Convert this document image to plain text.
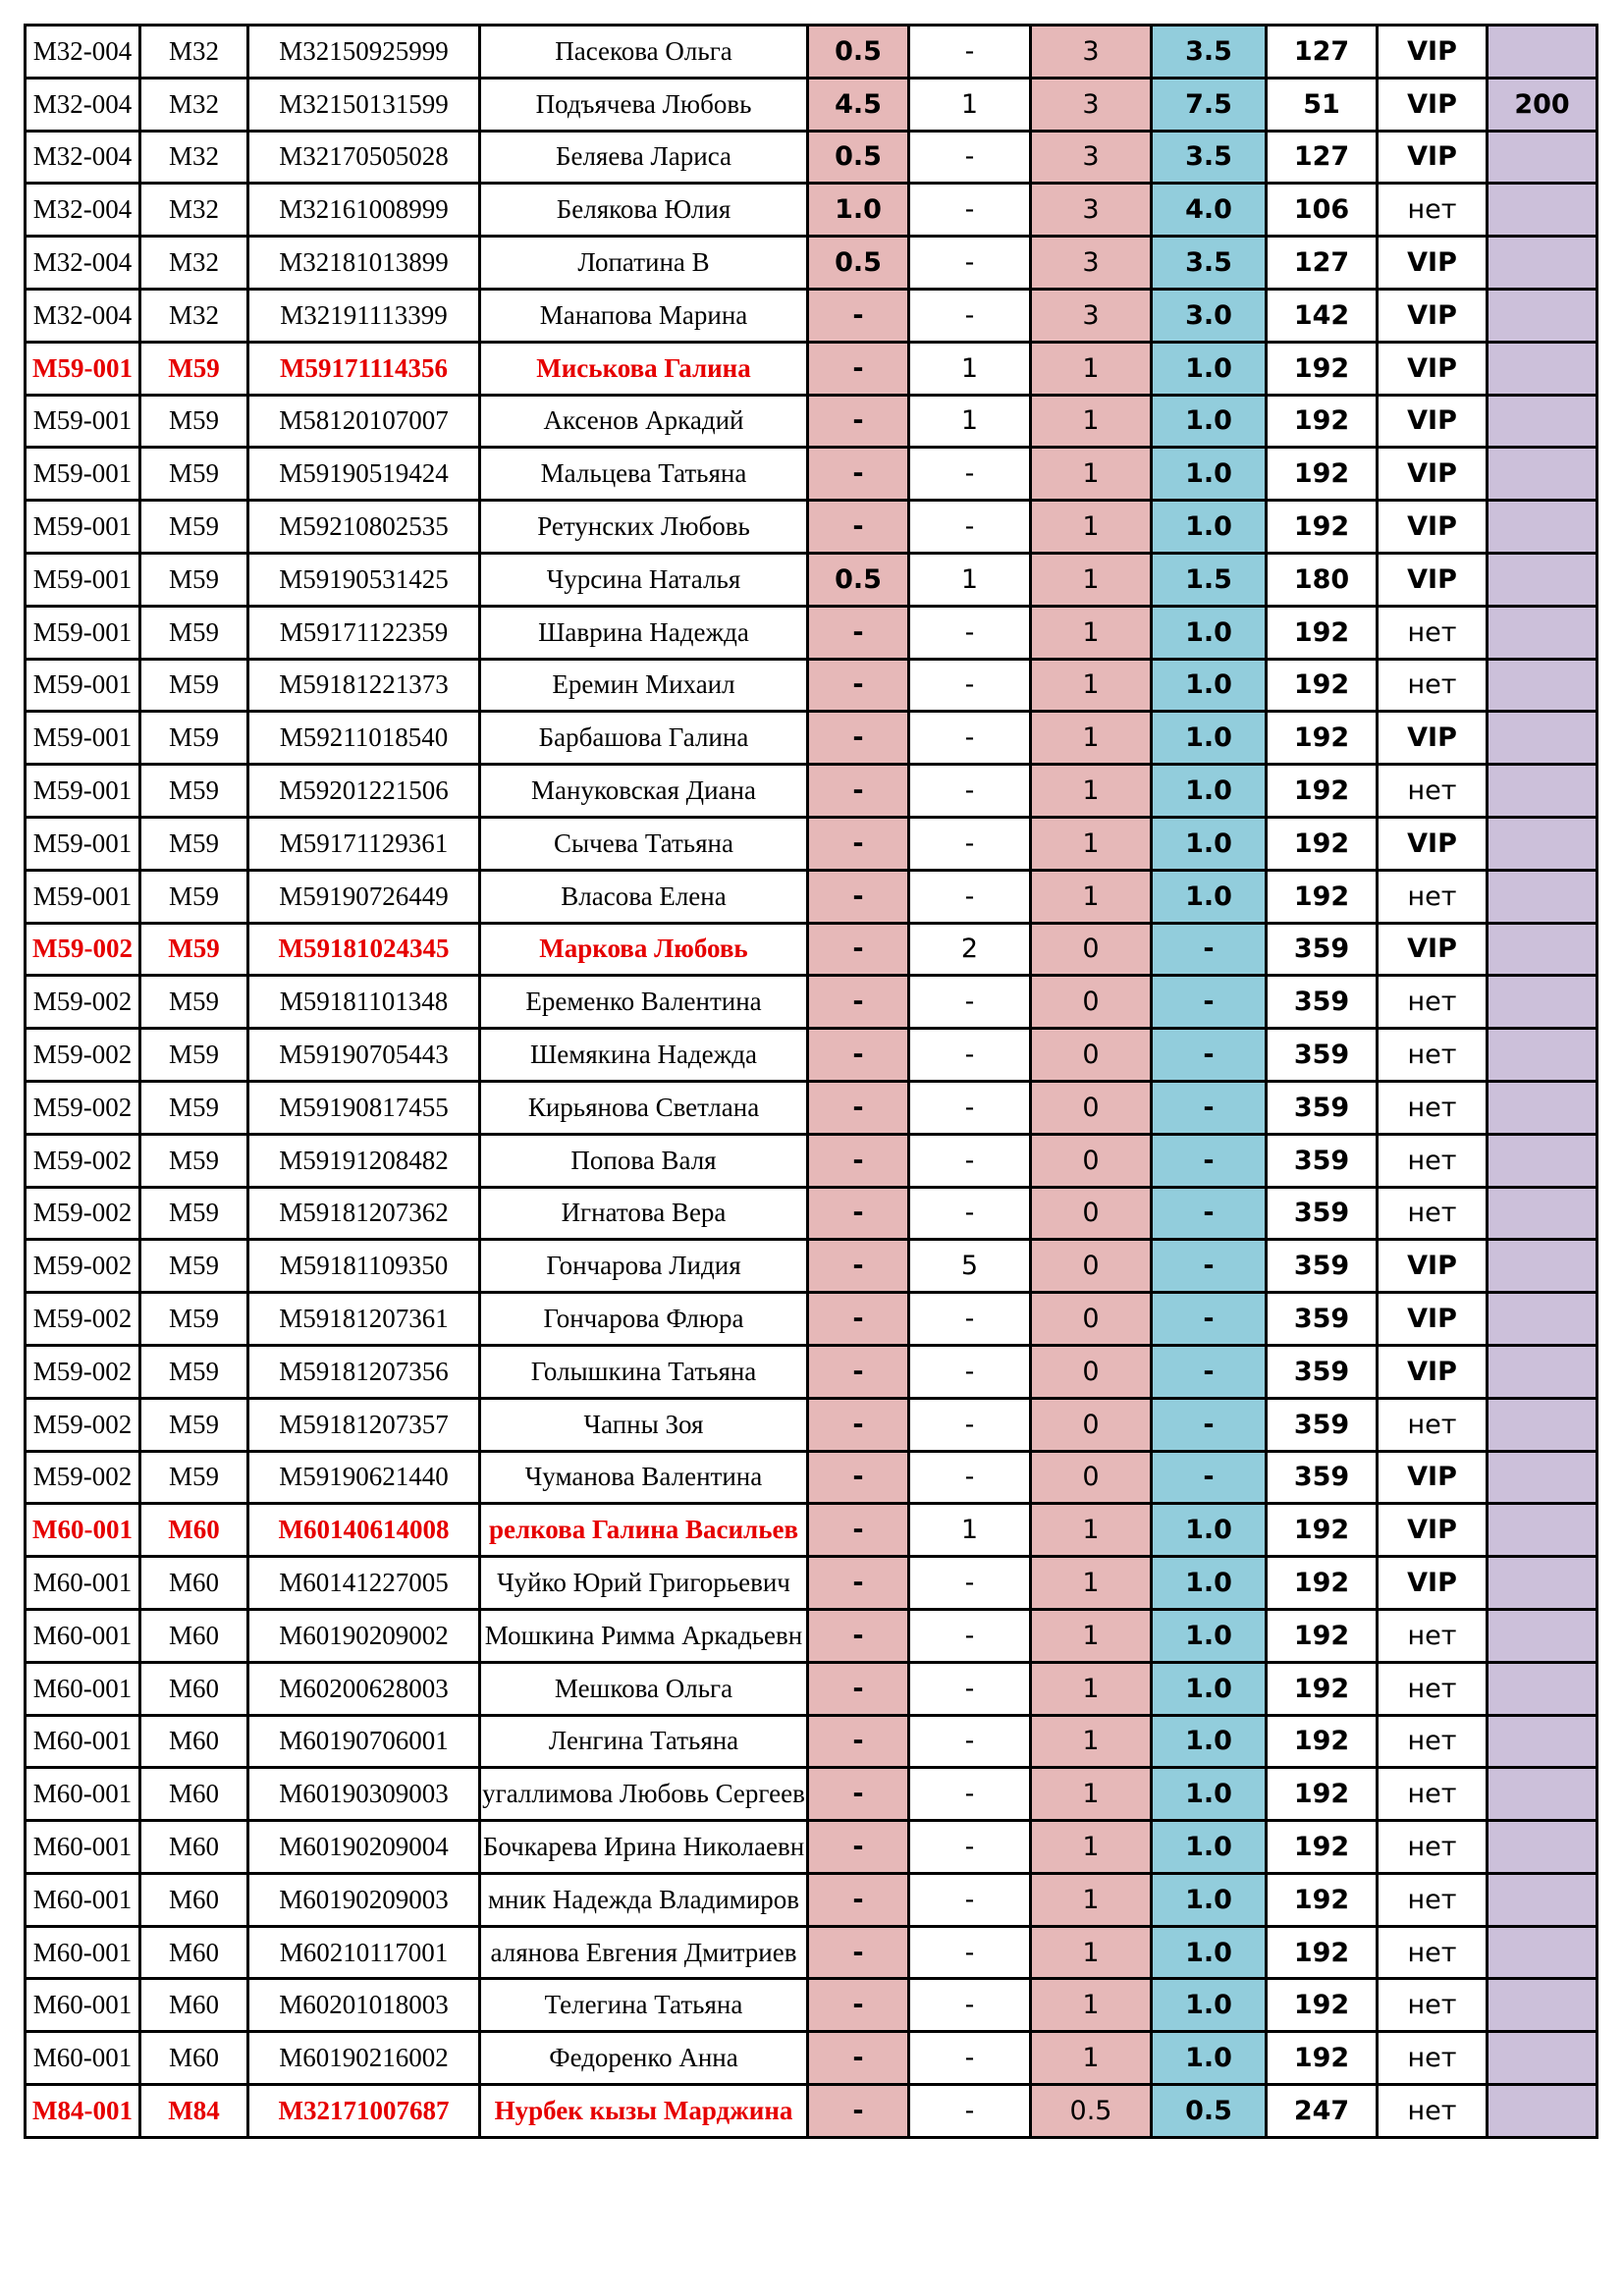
М32-004	М32	М32150925999	Пасекова Ольга	0.5	-	3	3.5	127	VIP	
М32-004	М32	М32150131599	Подъячева Любовь	4.5	1	3	7.5	51	VIP	200
М32-004	М32	М32170505028	Беляева Лариса	0.5	-	3	3.5	127	VIP	
М32-004	М32	М32161008999	Белякова Юлия	1.0	-	3	4.0	106	нет	
М32-004	М32	М32181013899	Лопатина В	0.5	-	3	3.5	127	VIP	
М32-004	М32	М32191113399	Манапова Марина	-	-	3	3.0	142	VIP	
М59-001	М59	М59171114356	Миськова Галина	-	1	1	1.0	192	VIP	
М59-001	М59	М58120107007	Аксенов Аркадий	-	1	1	1.0	192	VIP	
М59-001	М59	М59190519424	Мальцева Татьяна	-	-	1	1.0	192	VIP	
М59-001	М59	М59210802535	Ретунских Любовь	-	-	1	1.0	192	VIP	
М59-001	М59	М59190531425	Чурсина Наталья	0.5	1	1	1.5	180	VIP	
М59-001	М59	М59171122359	Шаврина Надежда	-	-	1	1.0	192	нет	
М59-001	М59	М59181221373	Еремин Михаил	-	-	1	1.0	192	нет	
М59-001	М59	М59211018540	Барбашова Галина	-	-	1	1.0	192	VIP	
М59-001	М59	М59201221506	Мануковская Диана	-	-	1	1.0	192	нет	
М59-001	М59	М59171129361	Сычева Татьяна	-	-	1	1.0	192	VIP	
М59-001	М59	М59190726449	Власова Елена	-	-	1	1.0	192	нет	
М59-002	М59	М59181024345	Маркова Любовь	-	2	0	-	359	VIP	
М59-002	М59	М59181101348	Еременко Валентина	-	-	0	-	359	нет	
М59-002	М59	М59190705443	Шемякина Надежда	-	-	0	-	359	нет	
М59-002	М59	М59190817455	Кирьянова Светлана	-	-	0	-	359	нет	
М59-002	М59	М59191208482	Попова Валя	-	-	0	-	359	нет	
М59-002	М59	М59181207362	Игнатова Вера	-	-	0	-	359	нет	
М59-002	М59	М59181109350	Гончарова Лидия	-	5	0	-	359	VIP	
М59-002	М59	М59181207361	Гончарова Флюра	-	-	0	-	359	VIP	
М59-002	М59	М59181207356	Голышкина Татьяна	-	-	0	-	359	VIP	
М59-002	М59	М59181207357	Чапны Зоя	-	-	0	-	359	нет	
М59-002	М59	М59190621440	Чуманова Валентина	-	-	0	-	359	VIP	
М60-001	М60	М60140614008	релкова Галина Васильев	-	1	1	1.0	192	VIP	
М60-001	М60	М60141227005	Чуйко Юрий Григорьевич	-	-	1	1.0	192	VIP	
М60-001	М60	М60190209002	Мошкина Римма Аркадьевн	-	-	1	1.0	192	нет	
М60-001	М60	М60200628003	Мешкова Ольга	-	-	1	1.0	192	нет	
М60-001	М60	М60190706001	Ленгина Татьяна	-	-	1	1.0	192	нет	
М60-001	М60	М60190309003	угаллимова Любовь Сергеев	-	-	1	1.0	192	нет	
М60-001	М60	М60190209004	Бочкарева Ирина Николаевн	-	-	1	1.0	192	нет	
М60-001	М60	М60190209003	мник Надежда Владимиров	-	-	1	1.0	192	нет	
М60-001	М60	М60210117001	алянова Евгения Дмитриев	-	-	1	1.0	192	нет	
М60-001	М60	М60201018003	Телегина Татьяна	-	-	1	1.0	192	нет	
М60-001	М60	М60190216002	Федоренко Анна	-	-	1	1.0	192	нет	
М84-001	М84	М32171007687	Нурбек кызы Марджина	-	-	0.5	0.5	247	нет	
